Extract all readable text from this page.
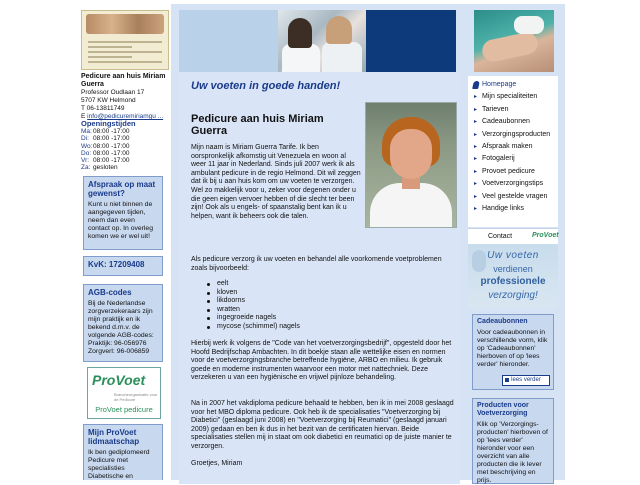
Pedicure aan huis Miriam Guerra
Professor Oudlaan 17
5707 KW Helmond
T 06-13811749
E info@pedicuremiriamgu ...
Openingstijden
Ma: 08:00 -17:00
Di: 08:00 -17:00
Wo: 08:00 -17:00
Do: 08:00 -17:00
Vr: 08:00 -17:00
Za: gesloten
Afspraak op maat gewenst?
Kunt u niet binnen de aangegeven tijden, neem dan even contact op. In overleg komen we er wel uit!
KvK: 17209408
AGB-codes
Bij de Nederlandse zorgverzekeraars zijn mijn praktijk en ik bekend d.m.v. de volgende AGB-codes: Praktijk: 96-056976 Zorgverl: 96-006859
ProVoet
Brancheorganisatie voor de Pedicure
ProVoet pedicure
Mijn ProVoet lidmaatschap
Ik ben gediplomeerd Pedicure met specialisties Diabetische en
Uw voeten in goede handen!
Pedicure aan huis Miriam Guerra
Mijn naam is Miriam Guerra Tarife. Ik ben oorspronkelijk afkomstig uit Venezuela en woon al weer 11 jaar in Nederland. Sinds juli 2007 werk ik als ambulant pedicure in de regio Helmond. Dit wil zeggen dat ik bij u aan huis kom om uw voeten te verzorgen. Wel zo makkelijk voor u, zeker voor degenen onder u die geen eigen vervoer hebben of die slecht ter been zijn! Ook als u engels- of spaanstalig bent kan ik u helpen, want ik beheers ook die talen.
Als pedicure verzorg ik uw voeten en behandel alle voorkomende voetproblemen zoals bijvoorbeeld:
eelt
kloven
likdoorns
wratten
ingegroeide nagels
mycose (schimmel) nagels
Hierbij werk ik volgens de "Code van het voetverzorgingsbedrijf", opgesteld door het Hoofd Bedrijfschap Ambachten. In dit boekje staan alle wettelijke eisen en normen voor de voetverzorgingsbranche betreffende hygiëne, ARBO en milieu. Ik gebruik goede en moderne instrumenten waarvoor een motor met nattechniek. Deze verzekeren u van een hygiënische en vrijwel pijnloze behandeling.
Na in 2007 het vakdiploma pedicure behaald te hebben, ben ik in mei 2008 geslaagd voor het MBO diploma pedicure. Ook heb ik de specialisaties "Voetverzorging bij Diabetici" (geslaagd juni 2008) en "Voetverzorging bij Reumatici" (geslaagd januari 2009) gedaan en ben ik dus in het bezit van de certificaten hiervan. Beide specialisaties stellen mij in staat om ook diabetici en reumatici op de juiste manier te verzorgen.
Groetjes, Miriam
Homepage
▸ Mijn specialiteiten
▸ Tarieven
▸ Cadeaubonnen
▸ Verzorgingsproducten
▸ Afspraak maken
▸ Fotogalerij
▸ Provoet pedicure
▸ Voetverzorgingstips
▸ Veel gestelde vragen
▸ Handige links
Contact	ProVoet
Uw voeten
verdienen
professionele
verzorging!
Cadeaubonnen
Voor cadeaubonnen in verschillende vorm, klik op 'Cadeaubonnen' hierboven of op 'lees verder' hieronder.
lees verder
Producten voor Voetverzorging
Klik op 'Verzorgings-producten' hierboven of op 'lees verder' hieronder voor een overzicht van alle producten die ik lever met beschrijving en prijs.
